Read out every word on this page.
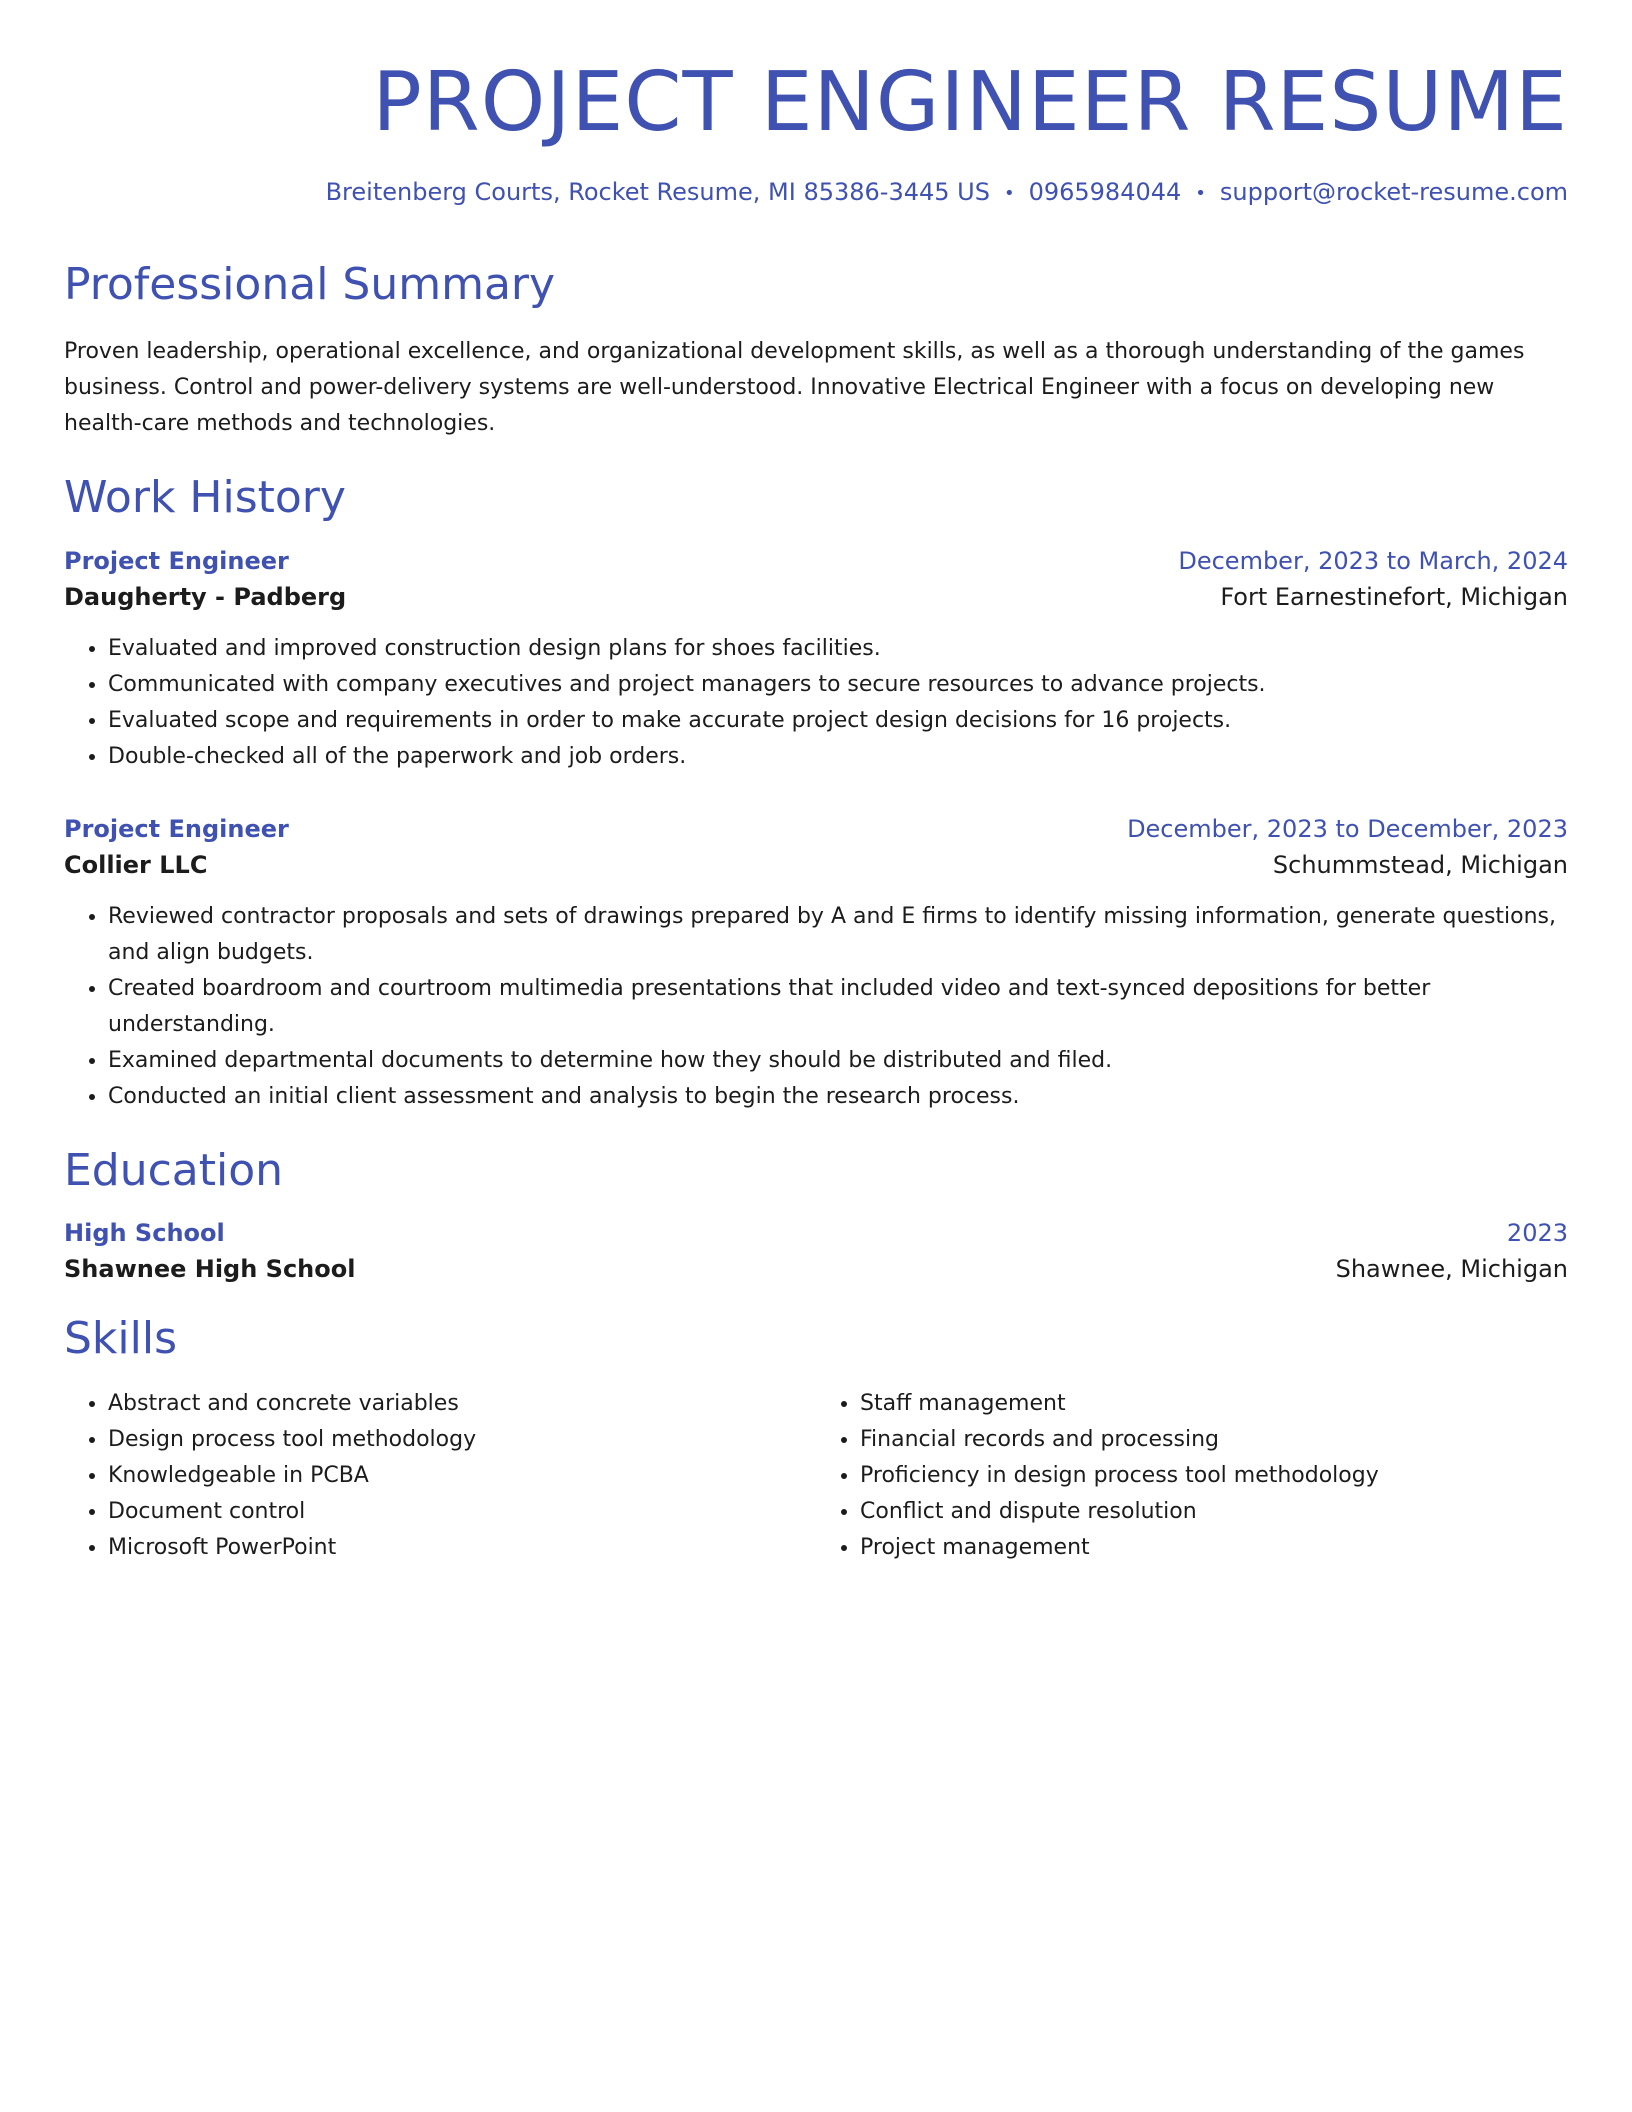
PROJECT ENGINEER RESUME
Breitenberg Courts, Rocket Resume, MI 85386-3445 US • 0965984044 • support@rocket-resume.com
Professional Summary
Proven leadership, operational excellence, and organizational development skills, as well as a thorough understanding of the games business. Control and power-delivery systems are well-understood. Innovative Electrical Engineer with a focus on developing new health-care methods and technologies.
Work History
Project Engineer	December, 2023 to March, 2024
Daugherty - Padberg	Fort Earnestinefort, Michigan
• Evaluated and improved construction design plans for shoes facilities.
• Communicated with company executives and project managers to secure resources to advance projects.
• Evaluated scope and requirements in order to make accurate project design decisions for 16 projects.
• Double-checked all of the paperwork and job orders.
Project Engineer	December, 2023 to December, 2023
Collier LLC	Schummstead, Michigan
• Reviewed contractor proposals and sets of drawings prepared by A and E firms to identify missing information, generate questions, and align budgets.
• Created boardroom and courtroom multimedia presentations that included video and text-synced depositions for better understanding.
• Examined departmental documents to determine how they should be distributed and filed.
• Conducted an initial client assessment and analysis to begin the research process.
Education
High School	2023
Shawnee High School	Shawnee, Michigan
Skills
• Abstract and concrete variables
• Design process tool methodology
• Knowledgeable in PCBA
• Document control
• Microsoft PowerPoint
• Staff management
• Financial records and processing
• Proficiency in design process tool methodology
• Conflict and dispute resolution
• Project management
